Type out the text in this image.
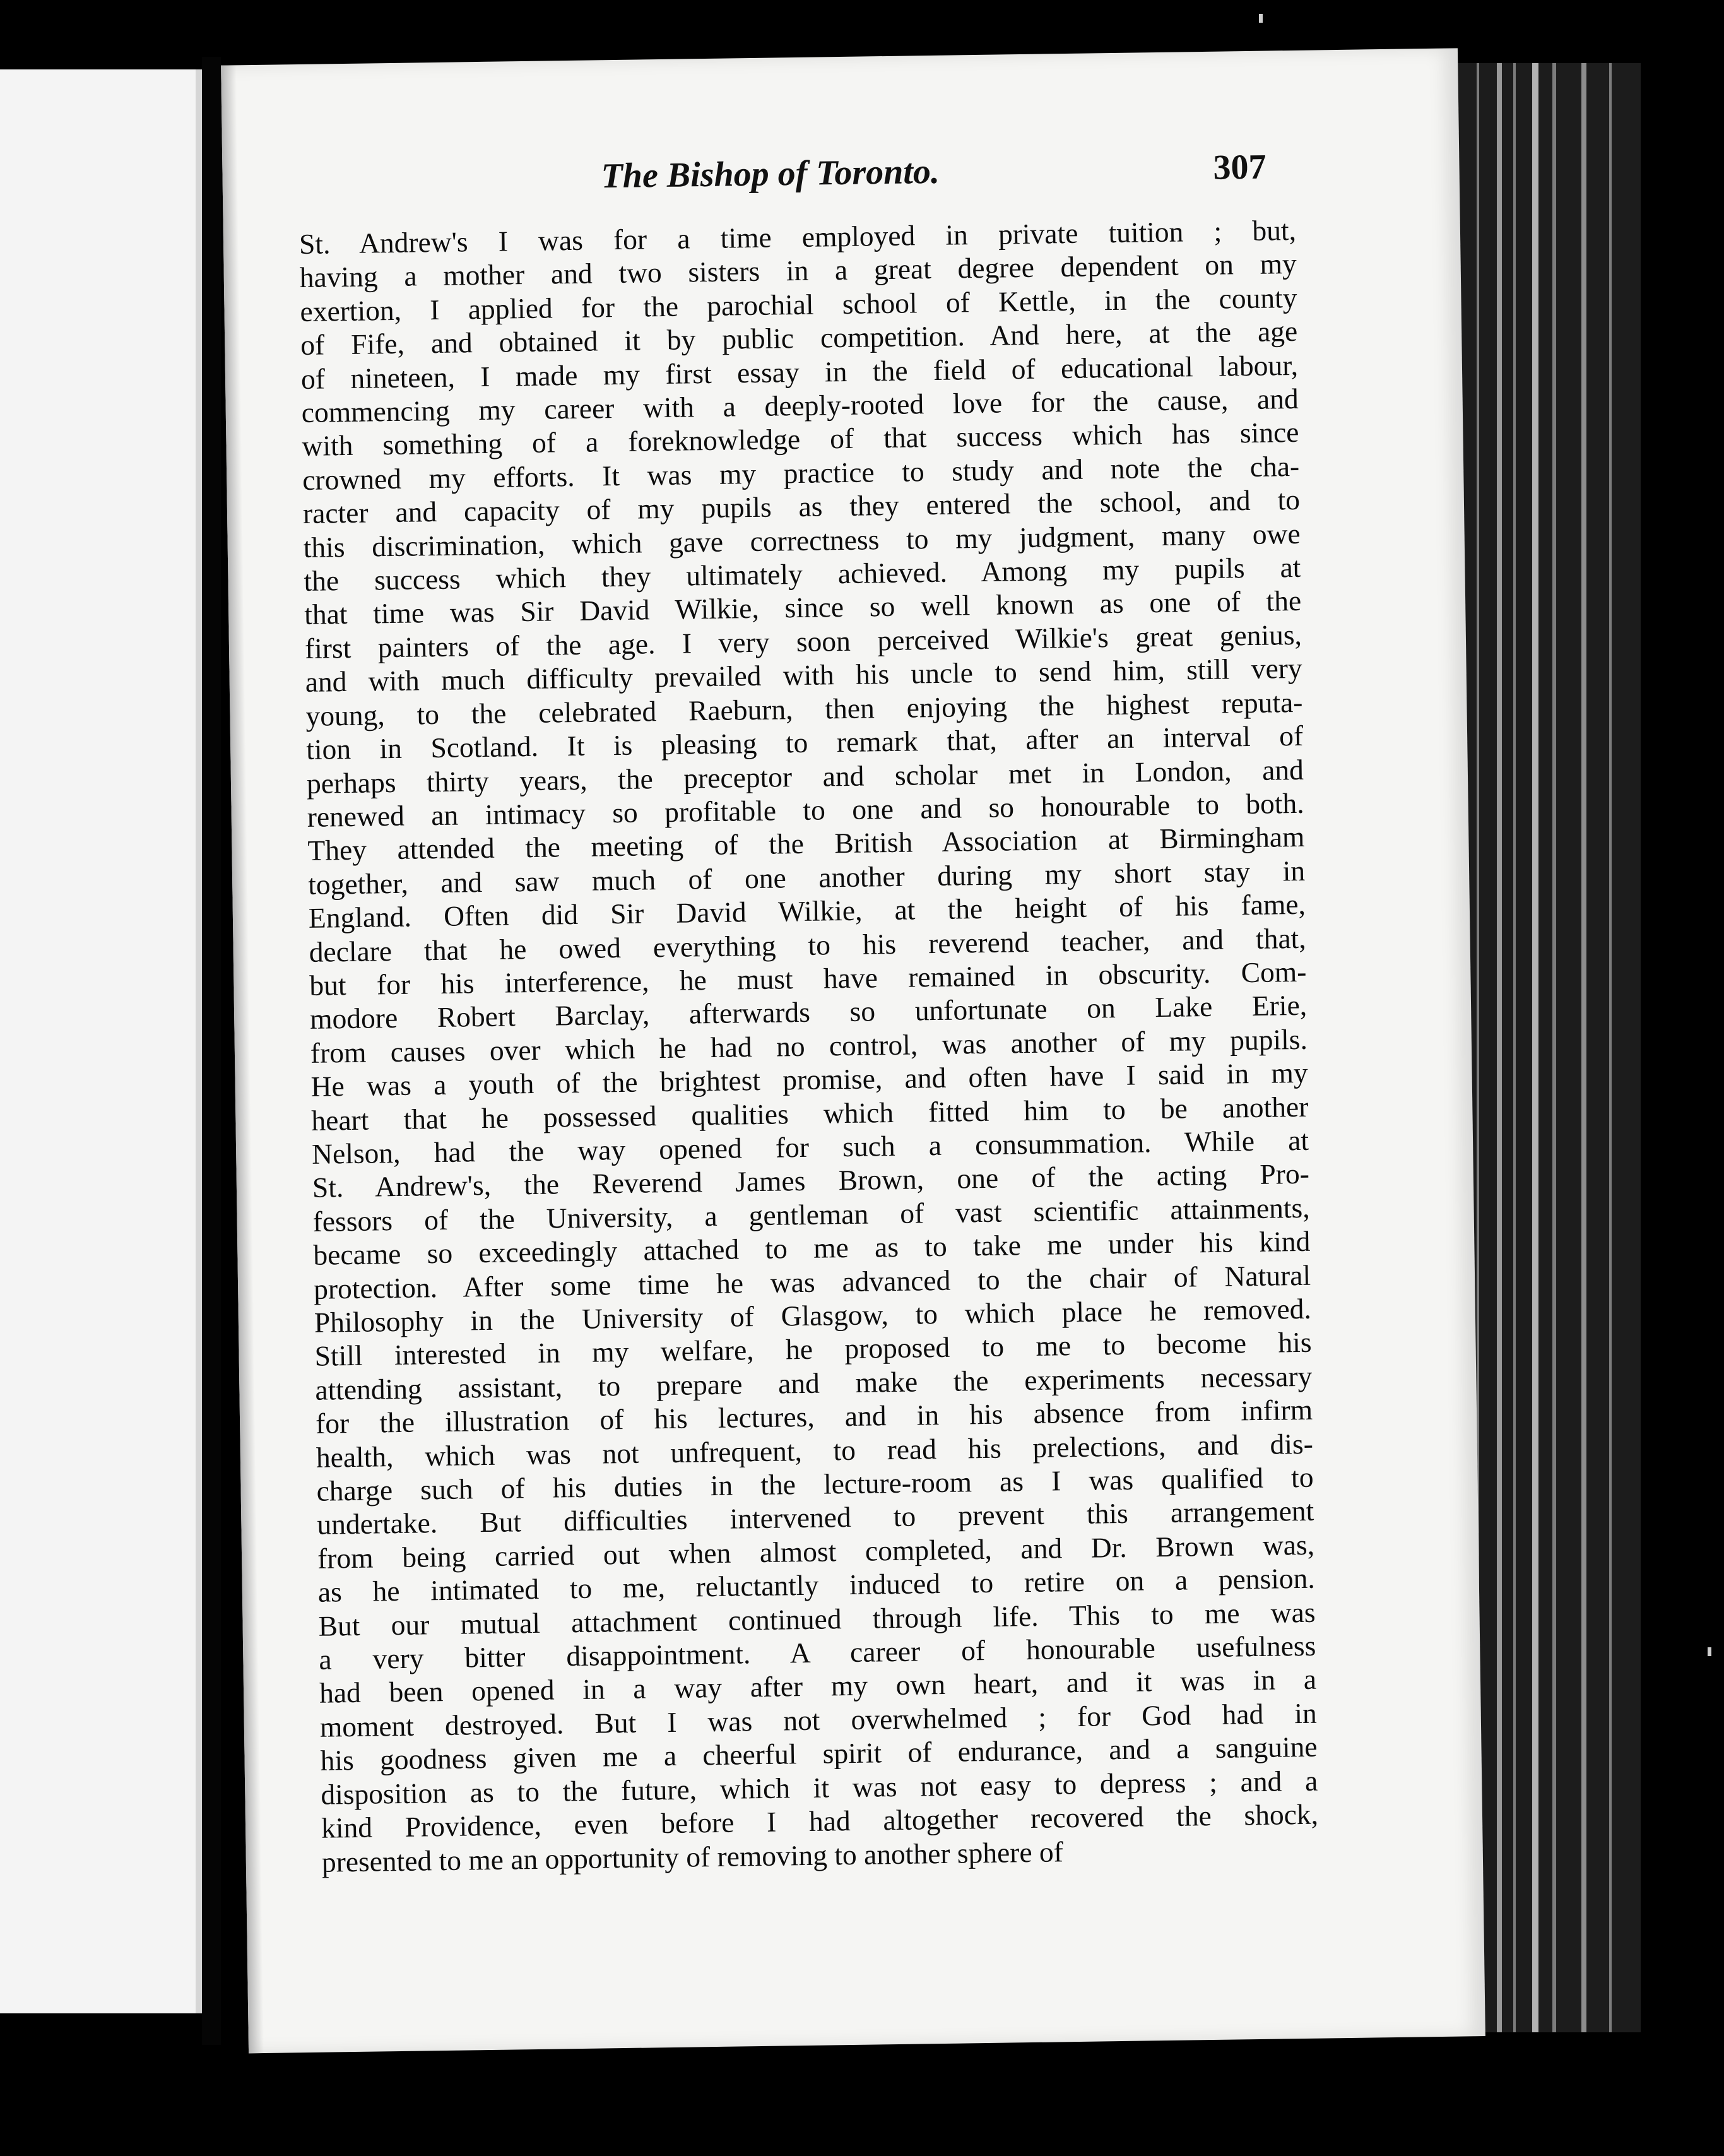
The Bishop of Toronto.	307
St. Andrew's I was for a time employed in private tuition ; but,
having a mother and two sisters in a great degree dependent on my
exertion, I applied for the parochial school of Kettle, in the county
of Fife, and obtained it by public competition. And here, at the age
of nineteen, I made my first essay in the field of educational labour,
commencing my career with a deeply-rooted love for the cause, and
with something of a foreknowledge of that success which has since
crowned my efforts. It was my practice to study and note the cha-
racter and capacity of my pupils as they entered the school, and to
this discrimination, which gave correctness to my judgment, many owe
the success which they ultimately achieved. Among my pupils at
that time was Sir David Wilkie, since so well known as one of the
first painters of the age. I very soon perceived Wilkie's great genius,
and with much difficulty prevailed with his uncle to send him, still very
young, to the celebrated Raeburn, then enjoying the highest reputa-
tion in Scotland. It is pleasing to remark that, after an interval of
perhaps thirty years, the preceptor and scholar met in London, and
renewed an intimacy so profitable to one and so honourable to both.
They attended the meeting of the British Association at Birmingham
together, and saw much of one another during my short stay in
England. Often did Sir David Wilkie, at the height of his fame,
declare that he owed everything to his reverend teacher, and that,
but for his interference, he must have remained in obscurity. Com-
modore Robert Barclay, afterwards so unfortunate on Lake Erie,
from causes over which he had no control, was another of my pupils.
He was a youth of the brightest promise, and often have I said in my
heart that he possessed qualities which fitted him to be another
Nelson, had the way opened for such a consummation. While at
St. Andrew's, the Reverend James Brown, one of the acting Pro-
fessors of the University, a gentleman of vast scientific attainments,
became so exceedingly attached to me as to take me under his kind
protection. After some time he was advanced to the chair of Natural
Philosophy in the University of Glasgow, to which place he removed.
Still interested in my welfare, he proposed to me to become his
attending assistant, to prepare and make the experiments necessary
for the illustration of his lectures, and in his absence from infirm
health, which was not unfrequent, to read his prelections, and dis-
charge such of his duties in the lecture-room as I was qualified to
undertake. But difficulties intervened to prevent this arrangement
from being carried out when almost completed, and Dr. Brown was,
as he intimated to me, reluctantly induced to retire on a pension.
But our mutual attachment continued through life. This to me was
a very bitter disappointment. A career of honourable usefulness
had been opened in a way after my own heart, and it was in a
moment destroyed. But I was not overwhelmed ; for God had in
his goodness given me a cheerful spirit of endurance, and a sanguine
disposition as to the future, which it was not easy to depress ; and a
kind Providence, even before I had altogether recovered the shock,
presented to me an opportunity of removing to another sphere of
